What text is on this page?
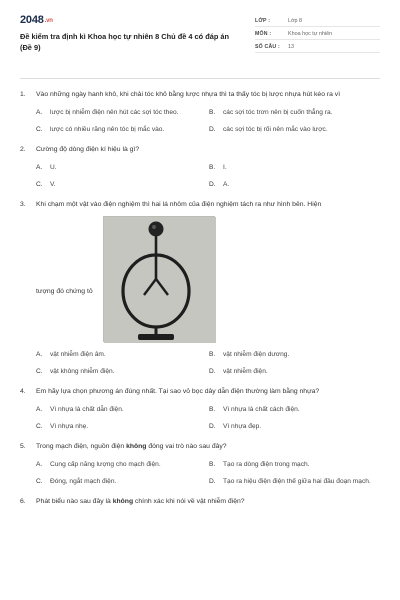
2048.vn
Đề kiểm tra định kì Khoa học tự nhiên 8 Chủ đề 4 có đáp án (Đề 9)
LỚP :	Lớp 8
MÔN :	Khoa học tự nhiên
SỐ CÂU :	13
1.	Vào những ngày hanh khô, khi chải tóc khô bằng lược nhựa thì ta thấy tóc bị lược nhựa hút kéo ra vì
A.	lược bị nhiễm điện nên hút các sợi tóc theo.	B.	các sợi tóc trơn nên bị cuốn thẳng ra.
C.	lược có nhiều răng nên tóc bị mắc vào.	D.	các sợi tóc bị rối nên mắc vào lược.
2.	Cường độ dòng điện kí hiệu là gì?
A.	U.	B.	I.
C.	V.	D.	A.
3.	Khi chạm một vật vào điện nghiệm thì hai lá nhôm của điện nghiệm tách ra như hình bên. Hiện
tượng đó chứng tỏ
A.	vật nhiễm điện âm.	B.	vật nhiễm điện dương.
C.	vật không nhiễm điện.	D.	vật nhiễm điện.
4.	Em hãy lựa chọn phương án đúng nhất. Tại sao vỏ bọc dây dẫn điện thường làm bằng nhựa?
A.	Vì nhựa là chất dẫn điện.	B.	Vì nhựa là chất cách điện.
C.	Vì nhựa nhẹ.	D.	Vì nhựa đẹp.
5.	Trong mạch điện, nguồn điện không đóng vai trò nào sau đây?
A.	Cung cấp năng lượng cho mạch điện.	B.	Tạo ra dòng điện trong mạch.
C.	Đóng, ngắt mạch điện.	D.	Tạo ra hiệu điện điện thế giữa hai đầu đoạn mạch.
6.	Phát biểu nào sau đây là không chính xác khi nói về vật nhiễm điện?
